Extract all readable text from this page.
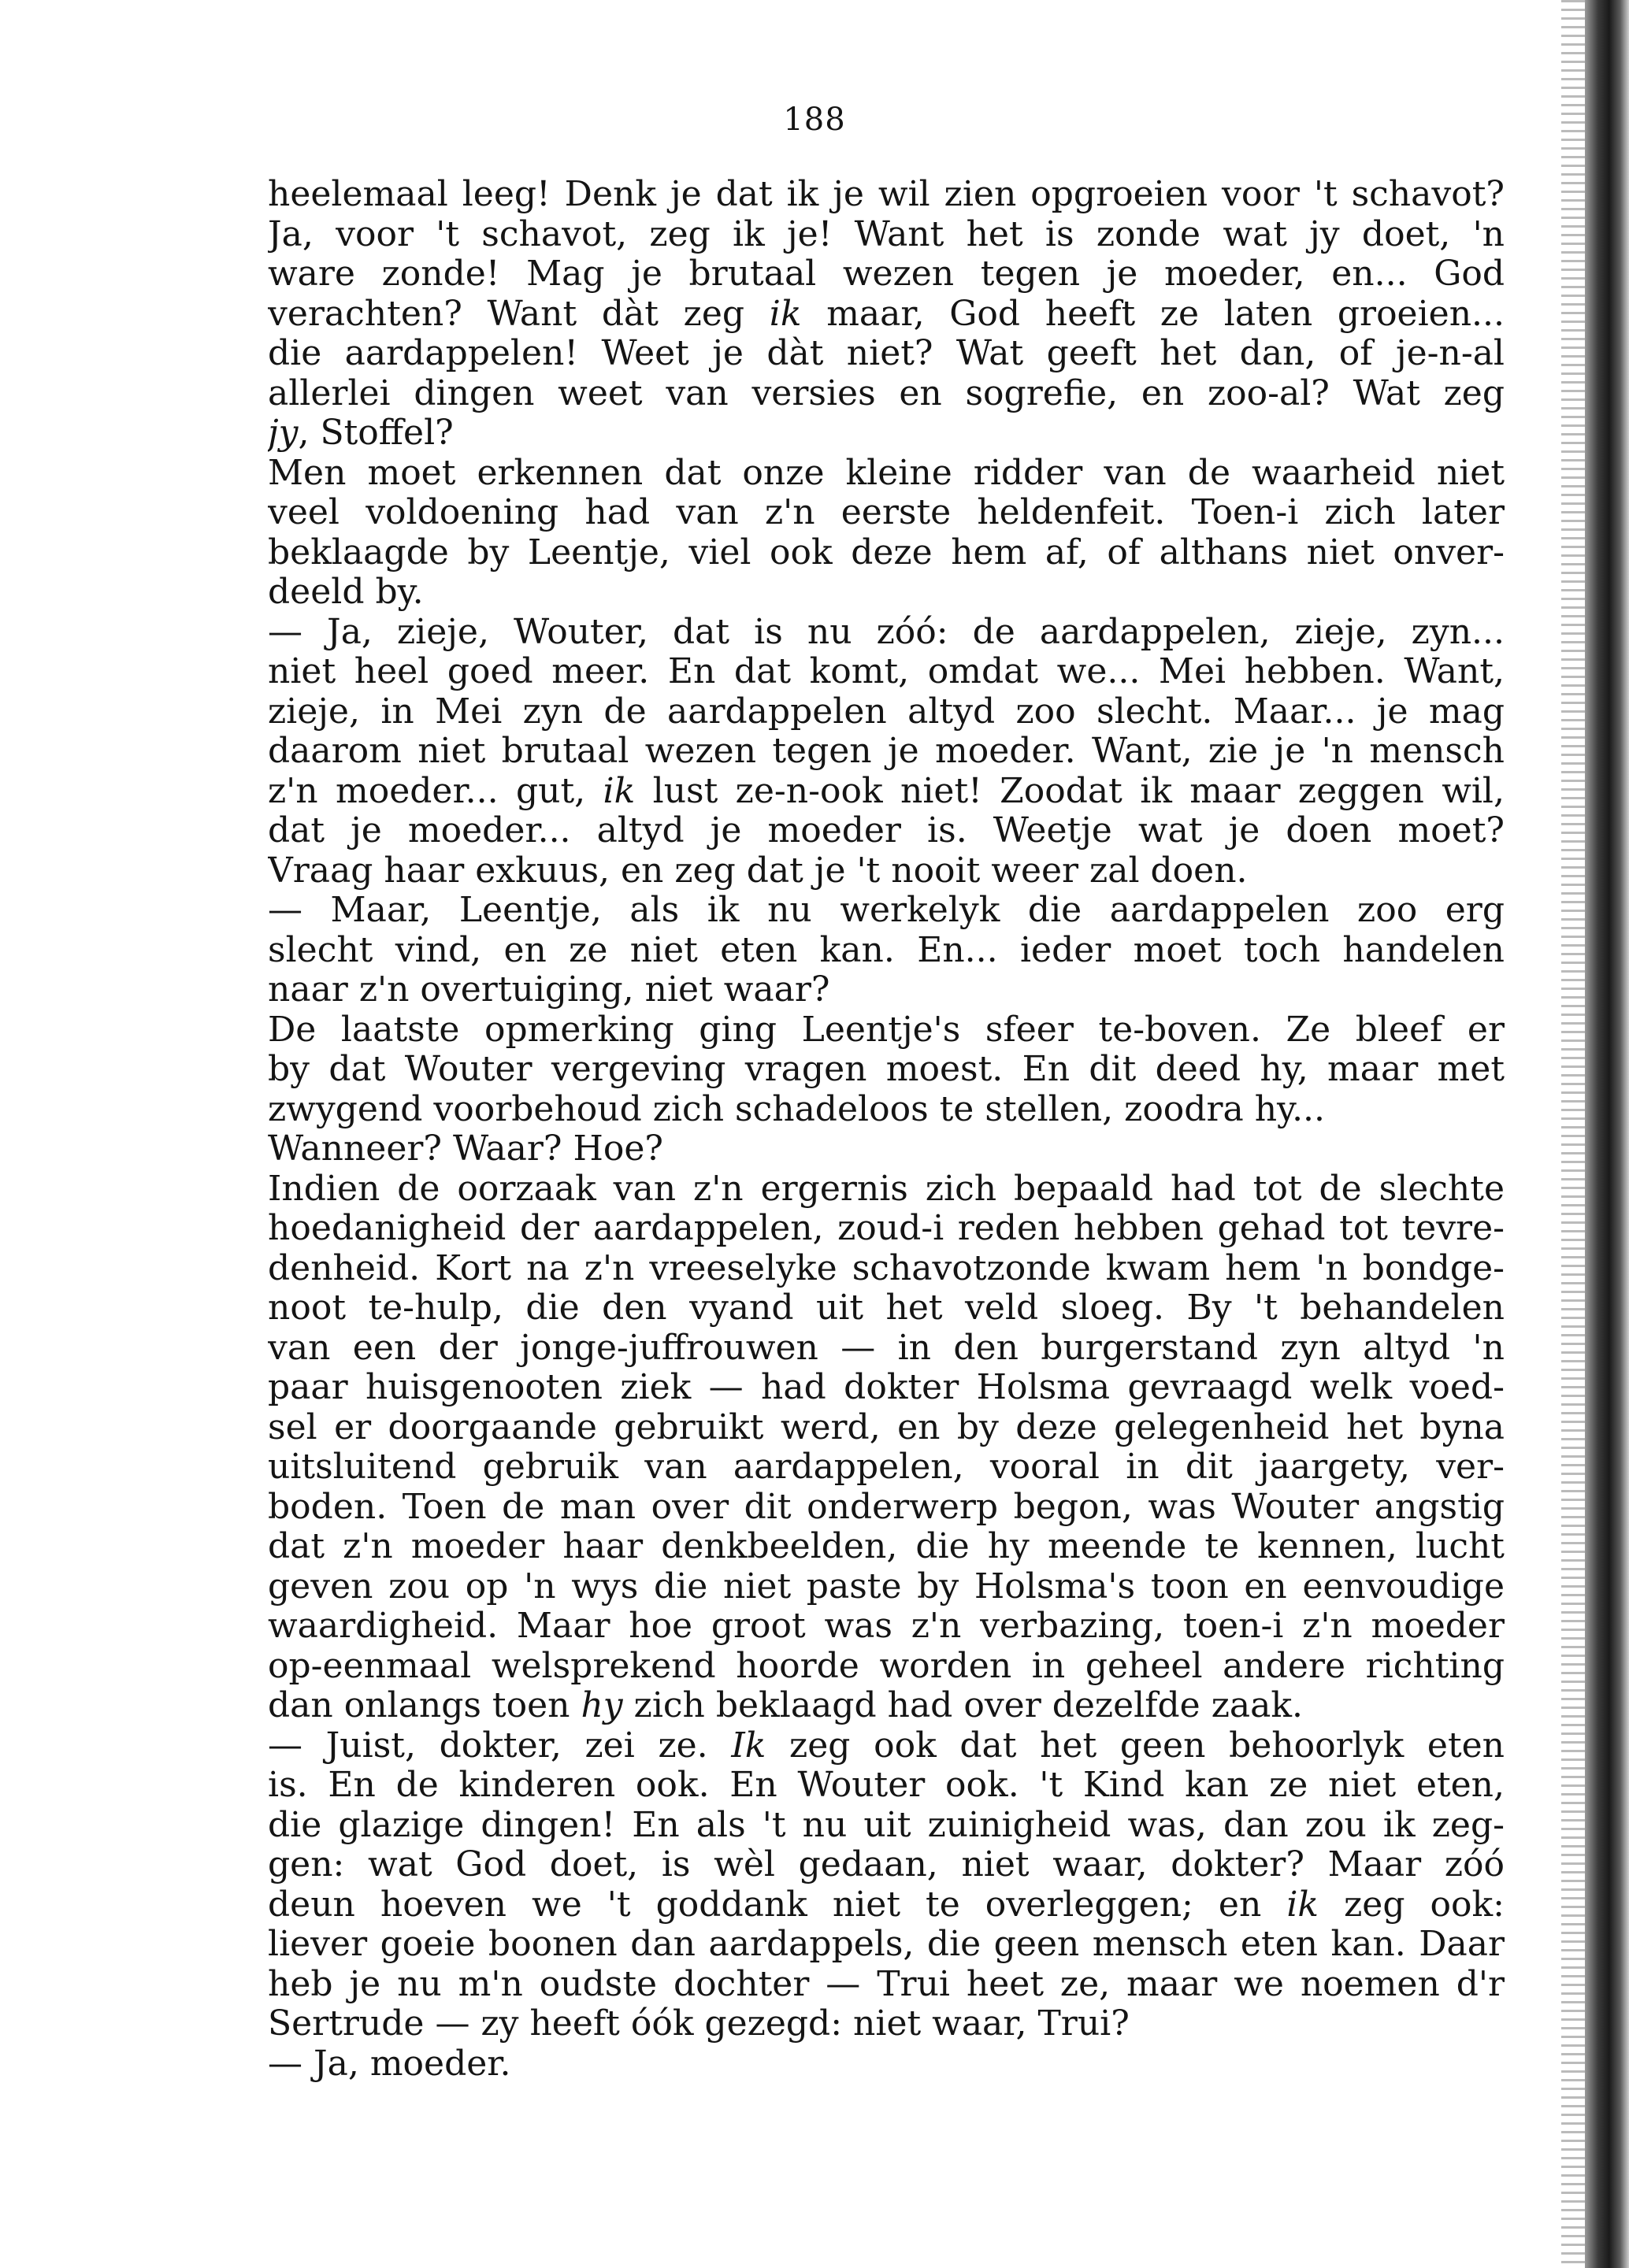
188
heelemaal leeg! Denk je dat ik je wil zien opgroeien voor 't schavot?
Ja, voor 't schavot, zeg ik je! Want het is zonde wat jy doet, 'n
ware zonde! Mag je brutaal wezen tegen je moeder, en... God
verachten? Want dàt zeg ik maar, God heeft ze laten groeien...
die aardappelen! Weet je dàt niet? Wat geeft het dan, of je-n-al
allerlei dingen weet van versies en sogrefie, en zoo-al? Wat zeg
jy, Stoffel?
Men moet erkennen dat onze kleine ridder van de waarheid niet
veel voldoening had van z'n eerste heldenfeit. Toen-i zich later
beklaagde by Leentje, viel ook deze hem af, of althans niet onver-
deeld by.
— Ja, zieje, Wouter, dat is nu zóó: de aardappelen, zieje, zyn...
niet heel goed meer. En dat komt, omdat we... Mei hebben. Want,
zieje, in Mei zyn de aardappelen altyd zoo slecht. Maar... je mag
daarom niet brutaal wezen tegen je moeder. Want, zie je 'n mensch
z'n moeder... gut, ik lust ze-n-ook niet! Zoodat ik maar zeggen wil,
dat je moeder... altyd je moeder is. Weetje wat je doen moet?
Vraag haar exkuus, en zeg dat je 't nooit weer zal doen.
— Maar, Leentje, als ik nu werkelyk die aardappelen zoo erg
slecht vind, en ze niet eten kan. En... ieder moet toch handelen
naar z'n overtuiging, niet waar?
De laatste opmerking ging Leentje's sfeer te-boven. Ze bleef er
by dat Wouter vergeving vragen moest. En dit deed hy, maar met
zwygend voorbehoud zich schadeloos te stellen, zoodra hy...
Wanneer? Waar? Hoe?
Indien de oorzaak van z'n ergernis zich bepaald had tot de slechte
hoedanigheid der aardappelen, zoud-i reden hebben gehad tot tevre-
denheid. Kort na z'n vreeselyke schavotzonde kwam hem 'n bondge-
noot te-hulp, die den vyand uit het veld sloeg. By 't behandelen
van een der jonge-juffrouwen — in den burgerstand zyn altyd 'n
paar huisgenooten ziek — had dokter Holsma gevraagd welk voed-
sel er doorgaande gebruikt werd, en by deze gelegenheid het byna
uitsluitend gebruik van aardappelen, vooral in dit jaargety, ver-
boden. Toen de man over dit onderwerp begon, was Wouter angstig
dat z'n moeder haar denkbeelden, die hy meende te kennen, lucht
geven zou op 'n wys die niet paste by Holsma's toon en eenvoudige
waardigheid. Maar hoe groot was z'n verbazing, toen-i z'n moeder
op-eenmaal welsprekend hoorde worden in geheel andere richting
dan onlangs toen hy zich beklaagd had over dezelfde zaak.
— Juist, dokter, zei ze. Ik zeg ook dat het geen behoorlyk eten
is. En de kinderen ook. En Wouter ook. 't Kind kan ze niet eten,
die glazige dingen! En als 't nu uit zuinigheid was, dan zou ik zeg-
gen: wat God doet, is wèl gedaan, niet waar, dokter? Maar zóó
deun hoeven we 't goddank niet te overleggen; en ik zeg ook:
liever goeie boonen dan aardappels, die geen mensch eten kan. Daar
heb je nu m'n oudste dochter — Trui heet ze, maar we noemen d'r
Sertrude — zy heeft óók gezegd: niet waar, Trui?
— Ja, moeder.
